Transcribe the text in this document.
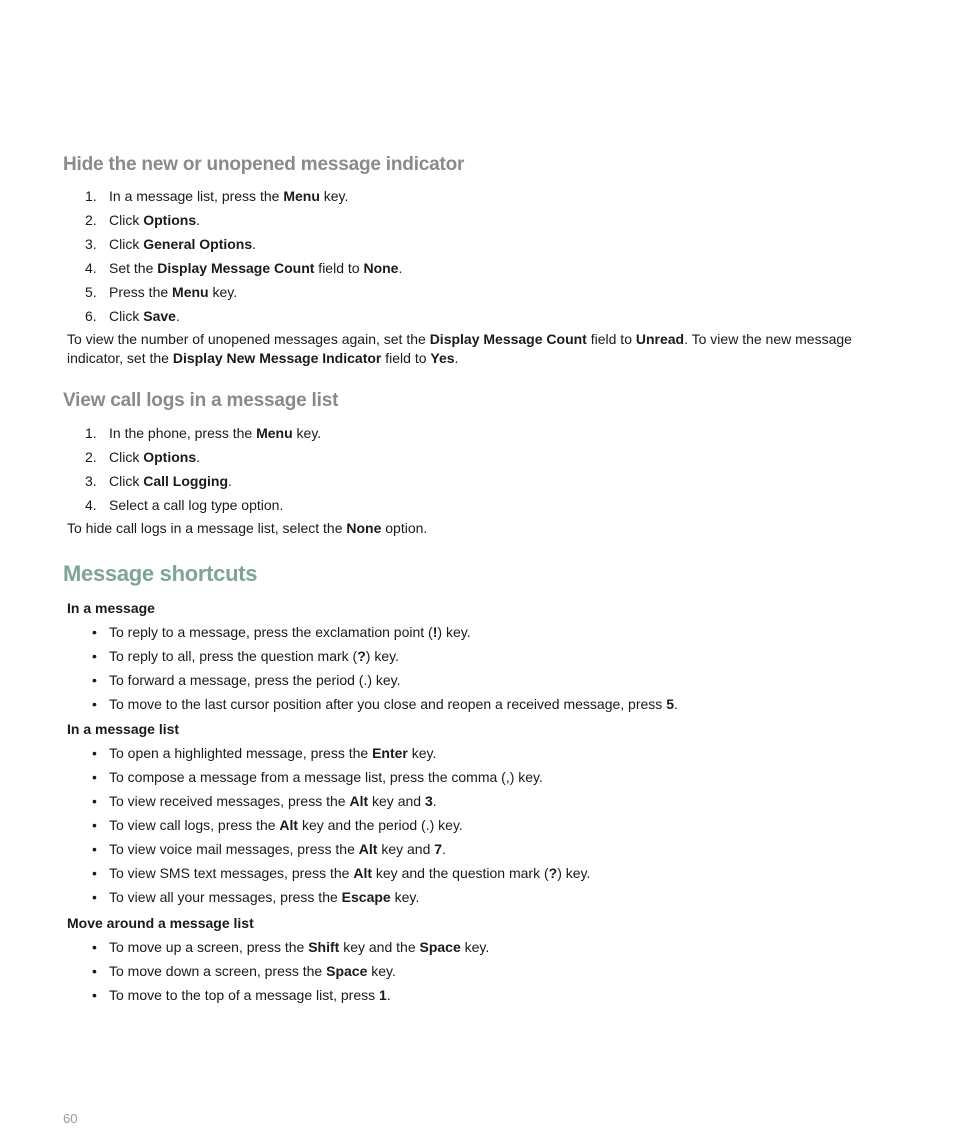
Hide the new or unopened message indicator
1. In a message list, press the Menu key.
2. Click Options.
3. Click General Options.
4. Set the Display Message Count field to None.
5. Press the Menu key.
6. Click Save.

To view the number of unopened messages again, set the Display Message Count field to Unread. To view the new message indicator, set the Display New Message Indicator field to Yes.

View call logs in a message list
1. In the phone, press the Menu key.
2. Click Options.
3. Click Call Logging.
4. Select a call log type option.

To hide call logs in a message list, select the None option.

Message shortcuts
In a message
• To reply to a message, press the exclamation point (!) key.
• To reply to all, press the question mark (?) key.
• To forward a message, press the period (.) key.
• To move to the last cursor position after you close and reopen a received message, press 5.
In a message list
• To open a highlighted message, press the Enter key.
• To compose a message from a message list, press the comma (,) key.
• To view received messages, press the Alt key and 3.
• To view call logs, press the Alt key and the period (.) key.
• To view voice mail messages, press the Alt key and 7.
• To view SMS text messages, press the Alt key and the question mark (?) key.
• To view all your messages, press the Escape key.
Move around a message list
• To move up a screen, press the Shift key and the Space key.
• To move down a screen, press the Space key.
• To move to the top of a message list, press 1.
60
